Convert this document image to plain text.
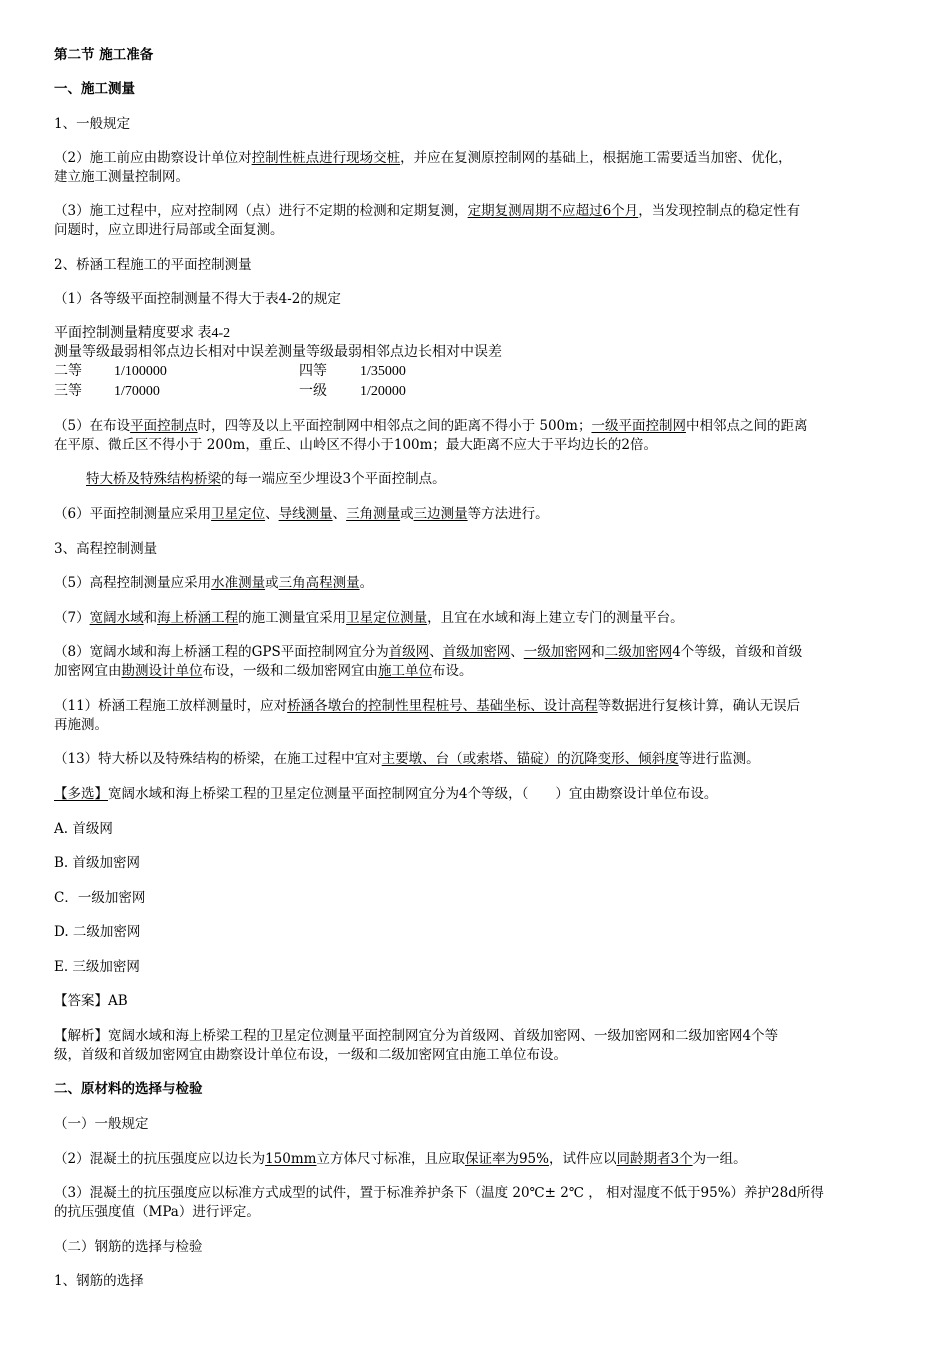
第二节 施工准备
一、施工测量
1、一般规定
（2）施工前应由勘察设计单位对控制性桩点进行现场交桩，并应在复测原控制网的基础上，根据施工需要适当加密、优化，
建立施工测量控制网。
（3）施工过程中，应对控制网（点）进行不定期的检测和定期复测，定期复测周期不应超过6个月，当发现控制点的稳定性有
问题时，应立即进行局部或全面复测。
2、桥涵工程施工的平面控制测量
（1）各等级平面控制测量不得大于表4-2的规定
平面控制测量精度要求 表4-2
测量等级最弱相邻点边长相对中误差测量等级最弱相邻点边长相对中误差
二等 1/100000	四等 1/35000
三等 1/70000	一级 1/20000
（5）在布设平面控制点时，四等及以上平面控制网中相邻点之间的距离不得小于 500m；一级平面控制网中相邻点之间的距离
在平原、微丘区不得小于 200m，重丘、山岭区不得小于100m；最大距离不应大于平均边长的2倍。
特大桥及特殊结构桥梁的每一端应至少埋设3个平面控制点。
（6）平面控制测量应采用卫星定位、导线测量、三角测量或三边测量等方法进行。
3、高程控制测量
（5）高程控制测量应采用水准测量或三角高程测量。
（7）宽阔水域和海上桥涵工程的施工测量宜采用卫星定位测量，且宜在水域和海上建立专门的测量平台。
（8）宽阔水域和海上桥涵工程的GPS平面控制网宜分为首级网、首级加密网、一级加密网和二级加密网4个等级，首级和首级
加密网宜由勘测设计单位布设，一级和二级加密网宜由施工单位布设。
（11）桥涵工程施工放样测量时，应对桥涵各墩台的控制性里程桩号、基础坐标、设计高程等数据进行复核计算，确认无误后
再施测。
（13）特大桥以及特殊结构的桥梁，在施工过程中宜对主要墩、台（或索塔、锚碇）的沉降变形、倾斜度等进行监测。
【多选】宽阔水域和海上桥梁工程的卫星定位测量平面控制网宜分为4个等级，（　　）宜由勘察设计单位布设。
A. 首级网
B. 首级加密网
C．一级加密网
D. 二级加密网
E. 三级加密网
【答案】AB
【解析】宽阔水域和海上桥梁工程的卫星定位测量平面控制网宜分为首级网、首级加密网、一级加密网和二级加密网4个等
级，首级和首级加密网宜由勘察设计单位布设，一级和二级加密网宜由施工单位布设。
二、原材料的选择与检验
（一）一般规定
（2）混凝土的抗压强度应以边长为150mm立方体尺寸标准，且应取保证率为95%，试件应以同龄期者3个为一组。
（3）混凝土的抗压强度应以标准方式成型的试件，置于标准养护条下（温度 20℃± 2℃ ， 相对湿度不低于95%）养护28d所得
的抗压强度值（MPa）进行评定。
（二）钢筋的选择与检验
1、钢筋的选择
